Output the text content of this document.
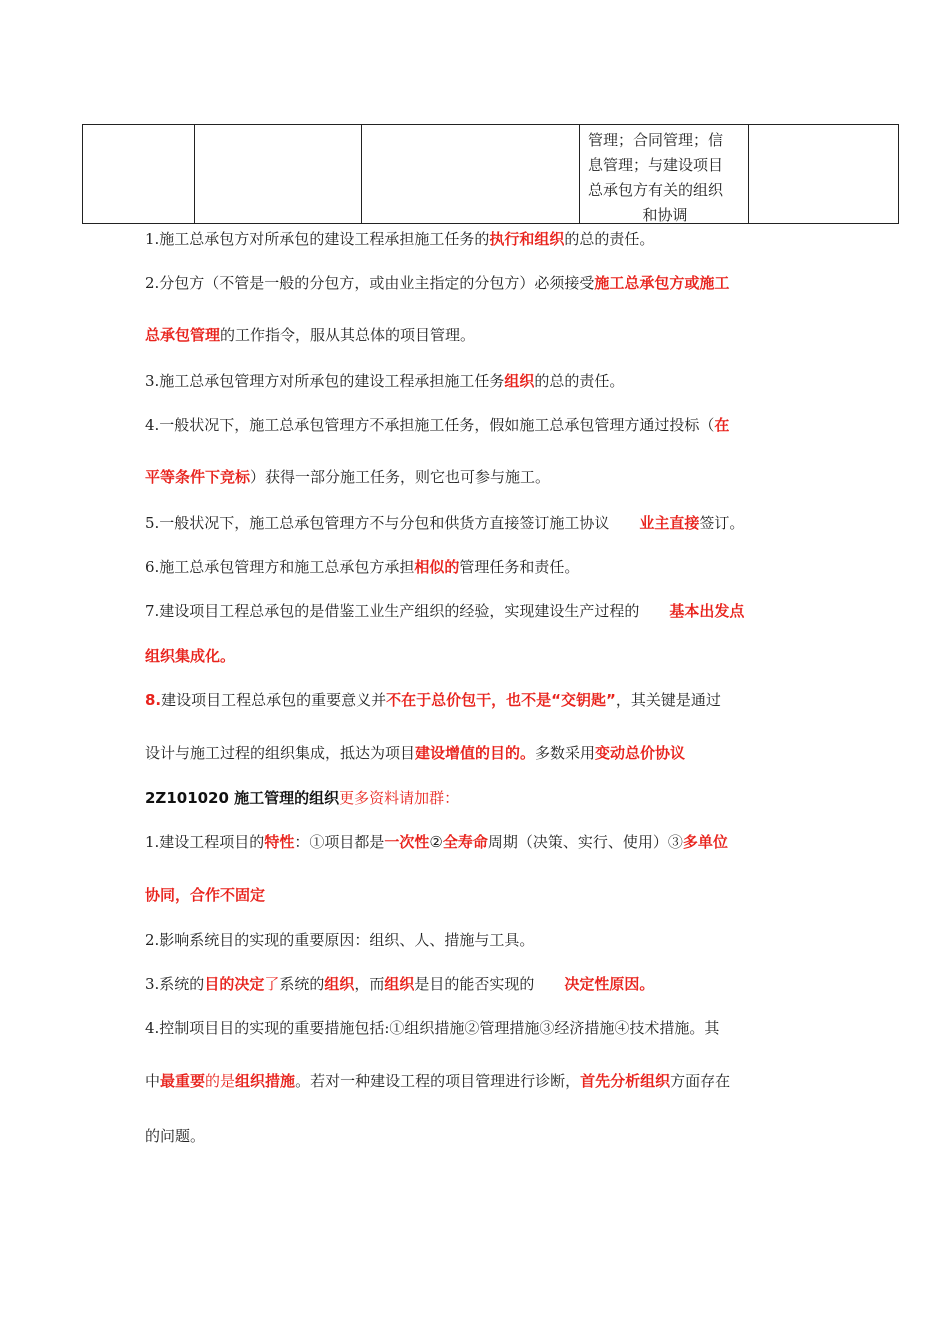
管理；合同管理；信
息管理；与建设项目
总承包方有关的组织
和协调
1.施工总承包方对所承包的建设工程承担施工任务的执行和组织的总的责任。
2.分包方（不管是一般的分包方，或由业主指定的分包方）必须接受施工总承包方或施工
总承包管理的工作指令，服从其总体的项目管理。
3.施工总承包管理方对所承包的建设工程承担施工任务组织的总的责任。
4.一般状况下，施工总承包管理方不承担施工任务，假如施工总承包管理方通过投标（在
平等条件下竞标）获得一部分施工任务，则它也可参与施工。
5.一般状况下，施工总承包管理方不与分包和供货方直接签订施工协议 业主直接签订。
6.施工总承包管理方和施工总承包方承担相似的管理任务和责任。
7.建设项目工程总承包的是借鉴工业生产组织的经验，实现建设生产过程的 基本出发点
组织集成化。
8.建设项目工程总承包的重要意义并不在于总价包干，也不是“交钥匙”，其关键是通过
设计与施工过程的组织集成，抵达为项目建设增值的目的。多数采用变动总价协议
2Z101020 施工管理的组织更多资料请加群：
1.建设工程项目的特性：①项目都是一次性②全寿命周期（决策、实行、使用）③多单位
协同，合作不固定
2.影响系统目的实现的重要原因：组织、人、措施与工具。
3.系统的目的决定了系统的组织，而组织是目的能否实现的 决定性原因。
4.控制项目目的实现的重要措施包括:①组织措施②管理措施③经济措施④技术措施。其
中最重要的是组织措施。若对一种建设工程的项目管理进行诊断，首先分析组织方面存在
的问题。
